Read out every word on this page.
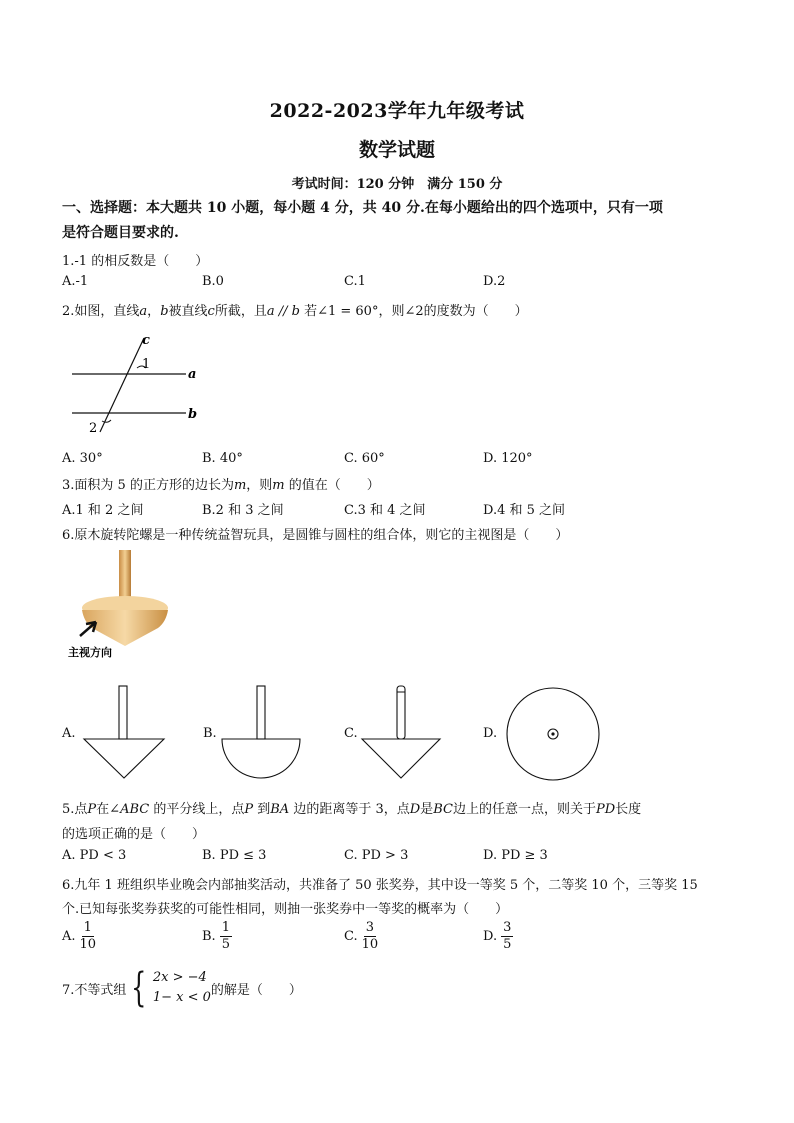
2022-2023学年九年级考试
数学试题
考试时间：120 分钟　满分 150 分
一、选择题：本大题共 10 小题，每小题 4 分，共 40 分.在每小题给出的四个选项中，只有一项
是符合题目要求的.
1.-1 的相反数是（　　）
A.-1	B.0	C.1	D.2
2.如图，直线a，b被直线c所截，且a // b 若∠1 = 60°，则∠2的度数为（　　）
c
1
a
b
2
A. 30°	B. 40°	C. 60°	D. 120°
3.面积为 5 的正方形的边长为m，则m 的值在（　　）
A.1 和 2 之间	B.2 和 3 之间	C.3 和 4 之间	D.4 和 5 之间
6.原木旋转陀螺是一种传统益智玩具，是圆锥与圆柱的组合体，则它的主视图是（　　）
主视方向
A.	B.	C.	D.
5.点P在∠ABC 的平分线上，点P 到BA 边的距离等于 3，点D是BC边上的任意一点，则关于PD长度
的选项正确的是（　　）
A. PD < 3	B. PD ≤ 3	C. PD > 3	D. PD ≥ 3
6.九年 1 班组织毕业晚会内部抽奖活动，共准备了 50 张奖券，其中设一等奖 5 个，二等奖 10 个，三等奖 15
个.已知每张奖券获奖的可能性相同，则抽一张奖券中一等奖的概率为（　　）
A. $\frac{1}{10}$	B. $\frac{1}{5}$	C. $\frac{3}{10}$	D. $\frac{3}{5}$
7.不等式组 { 2x > −4
1− x < 0 的解是（　　）
